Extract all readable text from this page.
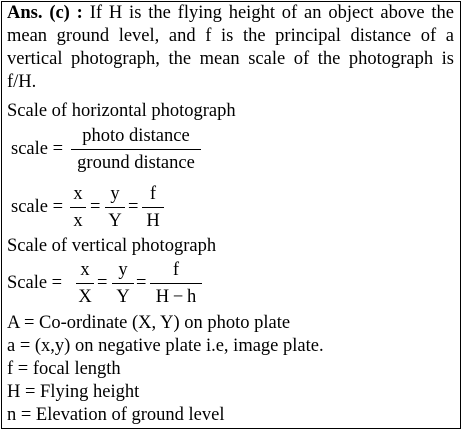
Ans. (c) : If H is the flying height of an object above the mean ground level, and f is the principal distance of a vertical photograph, the mean scale of the photograph is f/H.
Scale of horizontal photograph
scale =
photo distance
ground distance
scale =
x
x
=
y
Y
=
f
H
Scale of vertical photograph
Scale =
x
X
=
y
Y
=
f
H − h
A = Co-ordinate (X, Y) on photo plate
a = (x,y) on negative plate i.e, image plate.
f = focal length
H = Flying height
n = Elevation of ground level
